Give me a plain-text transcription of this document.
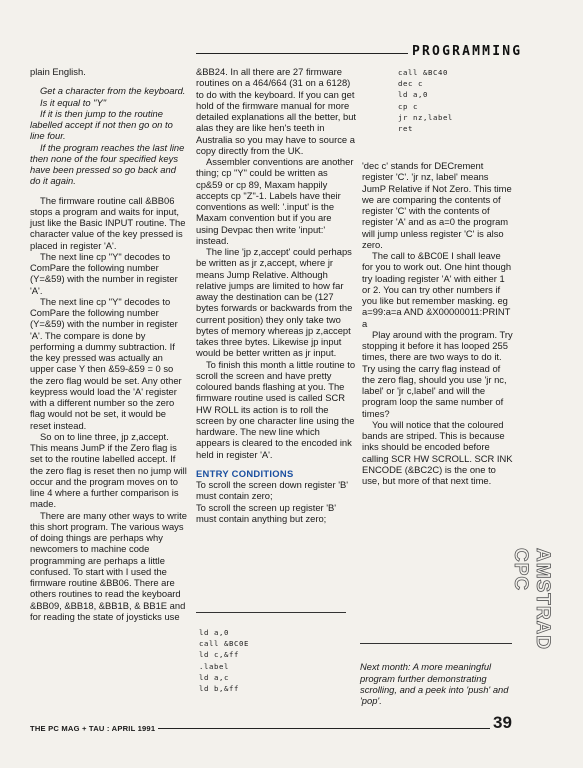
PROGRAMMING

plain English.

Get a character from the keyboard.

Is it equal to "Y"

If it is then jump to the routine labelled accept if not then go on to line four.

If the program reaches the last line then none of the four specified keys have been pressed so go back and do it again.

The firmware routine call &BB06 stops a program and waits for input, just like the Basic INPUT routine. The character value of the key pressed is placed in register 'A'.

The next line cp "Y" decodes to ComPare the following number (Y=&59) with the number in register 'A'.

The next line cp "Y" decodes to ComPare the following number (Y=&59) with the number in register 'A'. The compare is done by performing a dummy subtraction. If the key pressed was actually an upper case Y then &59-&59 = 0 so the zero flag would be set. Any other keypress would load the 'A' register with a different number so the zero flag would not be set, it would be reset instead.

So on to line three, jp z,accept. This means JumP if the Zero flag is set to the routine labelled accept. If the zero flag is reset then no jump will occur and the program moves on to line 4 where a further comparison is made.

There are many other ways to write this short program. The various ways of doing things are perhaps why newcomers to machine code programming are perhaps a little confused. To start with I used the firmware routine &BB06. There are others routines to read the keyboard &BB09, &BB18, &BB1B, & BB1E and for reading the state of joysticks use

&BB24. In all there are 27 firmware routines on a 464/664 (31 on a 6128) to do with the keyboard. If you can get hold of the firmware manual for more detailed explanations all the better, but alas they are like hen's teeth in Australia so you may have to source a copy directly from the UK.

Assembler conventions are another thing; cp "Y" could be written as cp&59 or cp 89, Maxam happily accepts cp "Z"-1. Labels have their conventions as well: '.input' is the Maxam convention but if you are using Devpac then write 'input:' instead.

The line 'jp z,accept' could perhaps be written as jr z,accept, where jr means Jump Relative. Although relative jumps are limited to how far away the destination can be (127 bytes forwards or backwards from the current position) they only take two bytes of memory whereas jp z,accept takes three bytes. Likewise jp input would be better written as jr input.

To finish this month a little routine to scroll the screen and have pretty coloured bands flashing at you. The firmware routine used is called SCR HW ROLL its action is to roll the screen by one character line using the hardware. The new line which appears is cleared to the encoded ink held in register 'A'.

ENTRY CONDITIONS

To scroll the screen down register 'B' must contain zero;

To scroll the screen up register 'B' must contain anything but zero;

call &BC40
dec c
ld a,0
cp c
jr nz,label
ret

'dec c' stands for DECrement register 'C'. 'jr nz, label' means JumP Relative if Not Zero. This time we are comparing the contents of register 'C' with the contents of register 'A' and as a=0 the program will jump unless register 'C' is also zero.

The call to &BC0E I shall leave for you to work out. One hint though try loading register 'A' with either 1 or 2. You can try other numbers if you like but remember masking. eg a=99:a=a AND &X00000011:PRINT a

Play around with the program. Try stopping it before it has looped 255 times, there are two ways to do it. Try using the carry flag instead of the zero flag, should you use 'jr nc, label' or 'jr c,label' and will the program loop the same number of times?

You will notice that the coloured bands are striped. This is because inks should be encoded before calling SCR HW SCROLL. SCR INK ENCODE (&BC2C) is the one to use, but more of that next time.

ld a,0
call &BC0E
ld c,&ff
.label
ld a,c
ld b,&ff

Next month: A more meaningful program further demonstrating scrolling, and a peek into 'push' and 'pop'.

AMSTRAD CPC
THE PC MAG + TAU : APRIL 1991	39
